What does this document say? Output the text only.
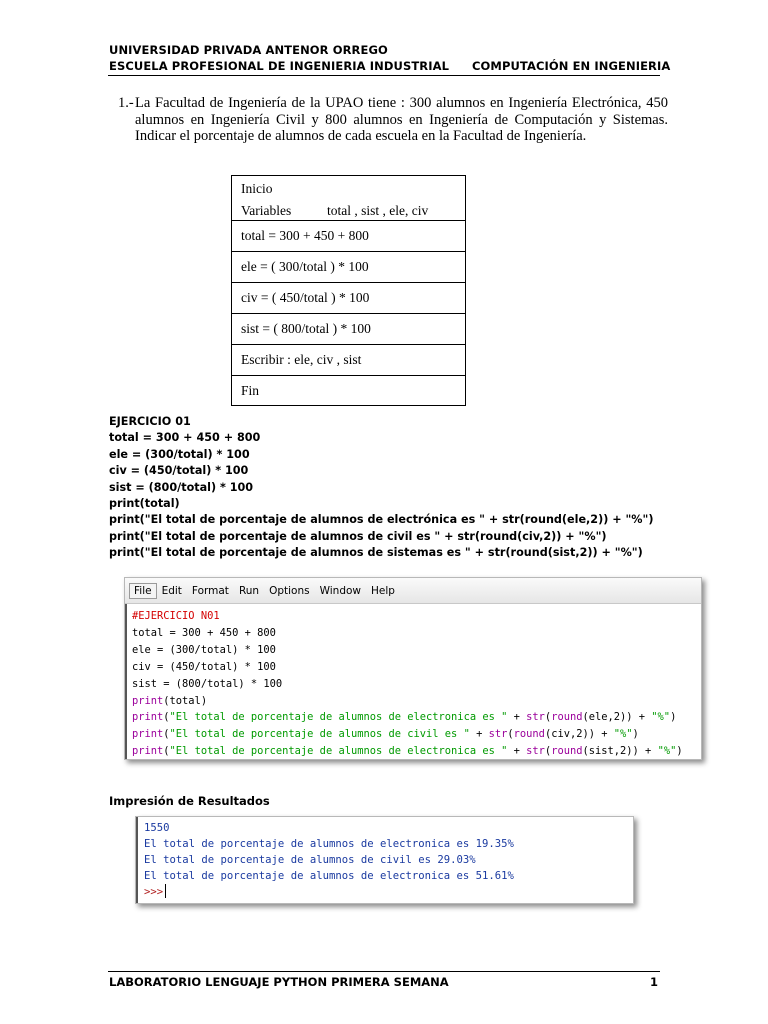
UNIVERSIDAD PRIVADA ANTENOR ORREGO
ESCUELA PROFESIONAL DE INGENIERIA INDUSTRIAL COMPUTACIÓN EN INGENIERIA
1.- La Facultad de Ingeniería de la UPAO tiene : 300 alumnos en Ingeniería Electrónica, 450 alumnos en Ingeniería Civil y 800 alumnos en Ingeniería de Computación y Sistemas. Indicar el porcentaje de alumnos de cada escuela en la Facultad de Ingeniería.
Inicio
Variables	total , sist , ele, civ
total = 300 + 450 + 800
ele = ( 300/total ) * 100
civ = ( 450/total ) * 100
sist = ( 800/total ) * 100
Escribir : ele, civ , sist
Fin
EJERCICIO 01
total = 300 + 450 + 800
ele = (300/total) * 100
civ = (450/total) * 100
sist = (800/total) * 100
print(total)
print("El total de porcentaje de alumnos de electrónica es " + str(round(ele,2)) + "%")
print("El total de porcentaje de alumnos de civil es " + str(round(civ,2)) + "%")
print("El total de porcentaje de alumnos de sistemas es " + str(round(sist,2)) + "%")
File Edit Format Run Options Window Help
#EJERCICIO N01
total = 300 + 450 + 800
ele = (300/total) * 100
civ = (450/total) * 100
sist = (800/total) * 100
print(total)
print("El total de porcentaje de alumnos de electronica es " + str(round(ele,2)) + "%")
print("El total de porcentaje de alumnos de civil es " + str(round(civ,2)) + "%")
print("El total de porcentaje de alumnos de electronica es " + str(round(sist,2)) + "%")
Impresión de Resultados
1550
El total de porcentaje de alumnos de electronica es 19.35%
El total de porcentaje de alumnos de civil es 29.03%
El total de porcentaje de alumnos de electronica es 51.61%
>>>
LABORATORIO LENGUAJE PYTHON PRIMERA SEMANA	1
